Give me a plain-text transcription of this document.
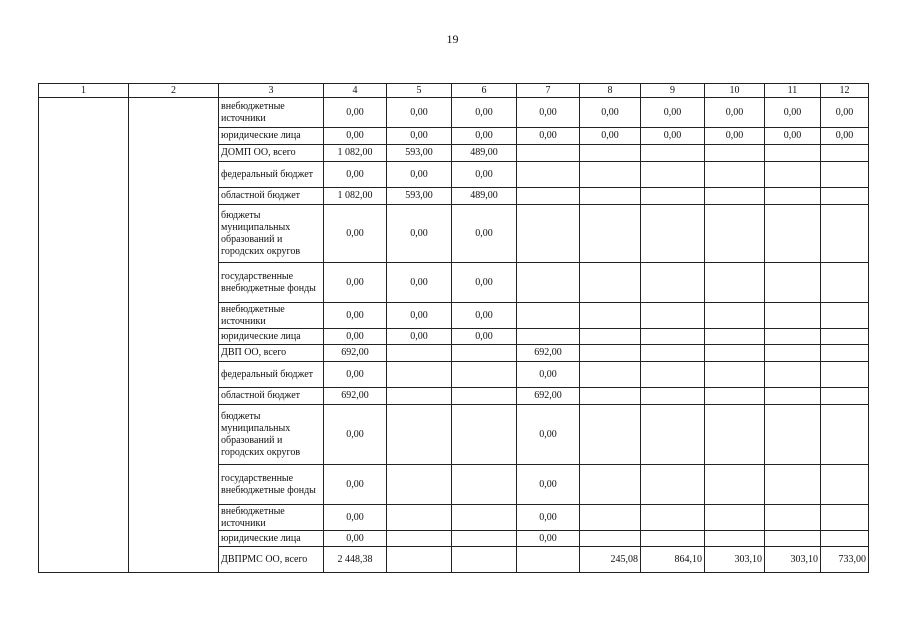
19
1	2	3	4	5	6	7	8	9	10	11	12
		внебюджетные источники	0,00	0,00	0,00	0,00	0,00	0,00	0,00	0,00	0,00
		юридические лица	0,00	0,00	0,00	0,00	0,00	0,00	0,00	0,00	0,00
		ДОМП ОО, всего	1 082,00	593,00	489,00						
		федеральный бюджет	0,00	0,00	0,00						
		областной бюджет	1 082,00	593,00	489,00						
		бюджеты муниципальных образований и городских округов	0,00	0,00	0,00						
		государственные внебюджетные фонды	0,00	0,00	0,00						
		внебюджетные источники	0,00	0,00	0,00						
		юридические лица	0,00	0,00	0,00						
		ДВП ОО, всего	692,00			692,00					
		федеральный бюджет	0,00			0,00					
		областной бюджет	692,00			692,00					
		бюджеты муниципальных образований и городских округов	0,00			0,00					
		государственные внебюджетные фонды	0,00			0,00					
		внебюджетные источники	0,00			0,00					
		юридические лица	0,00			0,00					
		ДВПРМС ОО, всего	2 448,38				245,08	864,10	303,10	303,10	733,00
